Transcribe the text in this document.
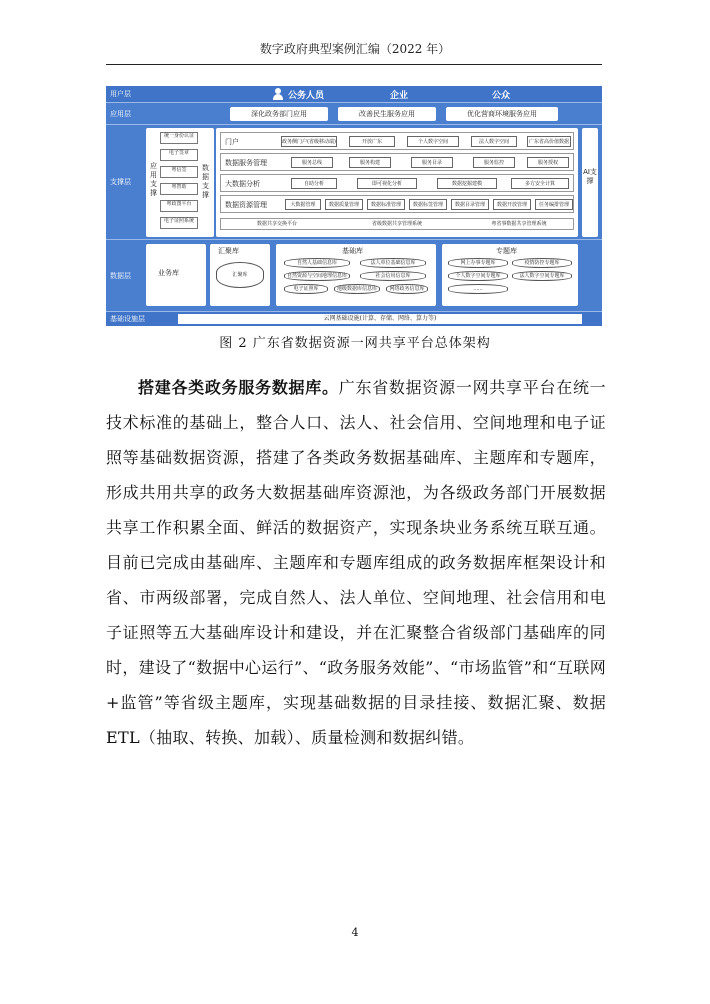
数字政府典型案例汇编（2022 年）
用户层	公务人员	企业	公众
应用层	深化政务部门应用	改善民生服务应用	优化营商环境服务应用
支撑层
应用支撑
统一身份认证
电子签章
粤信签
粤智助
粤政图平台
电子证照系统
数据支撑
门户	政务侧门户(省级移动端)	开放广东	个人数字空间	法人数字空间	广东省高价值数据
数据服务管理	服务总线	服务构建	服务目录	服务监控	服务授权
大数据分析	自助分析	即可视化分析	数据挖掘建模	多方安全计算
数据资源管理	大数据管理	数据质量管理	数据标准管理	数据标签管理	数据目录管理	数据开放管理	任务编排管理
数据共享交换平台	省级数据共享管理系统	粤省事数据共享管理系统
AI支撑
数据层	业务库
汇聚库
汇聚库
基础库
自然人基础信息库	法人单位基础信息库
自然资源与空间地理信息库	社会信用信息库
电子证照库	地级数据库信息库	网络政务信息库
专题库
网上办事专题库	疫情防控专题库
个人数字空间专题库	法人数字空间专题库
......
基础设施层	云网基础设施(计算、存储、网络、算力等)
图 2 广东省数据资源一网共享平台总体架构

搭建各类政务服务数据库。广东省数据资源一网共享平台在统一技术标准的基础上，整合人口、法人、社会信用、空间地理和电子证照等基础数据资源，搭建了各类政务数据基础库、主题库和专题库，形成共用共享的政务大数据基础库资源池，为各级政务部门开展数据共享工作积累全面、鲜活的数据资产，实现条块业务系统互联互通。目前已完成由基础库、主题库和专题库组成的政务数据库框架设计和省、市两级部署，完成自然人、法人单位、空间地理、社会信用和电子证照等五大基础库设计和建设，并在汇聚整合省级部门基础库的同时，建设了“数据中心运行”、“政务服务效能”、“市场监管”和“互联网+监管”等省级主题库，实现基础数据的目录挂接、数据汇聚、数据 ETL（抽取、转换、加载）、质量检测和数据纠错。

4
